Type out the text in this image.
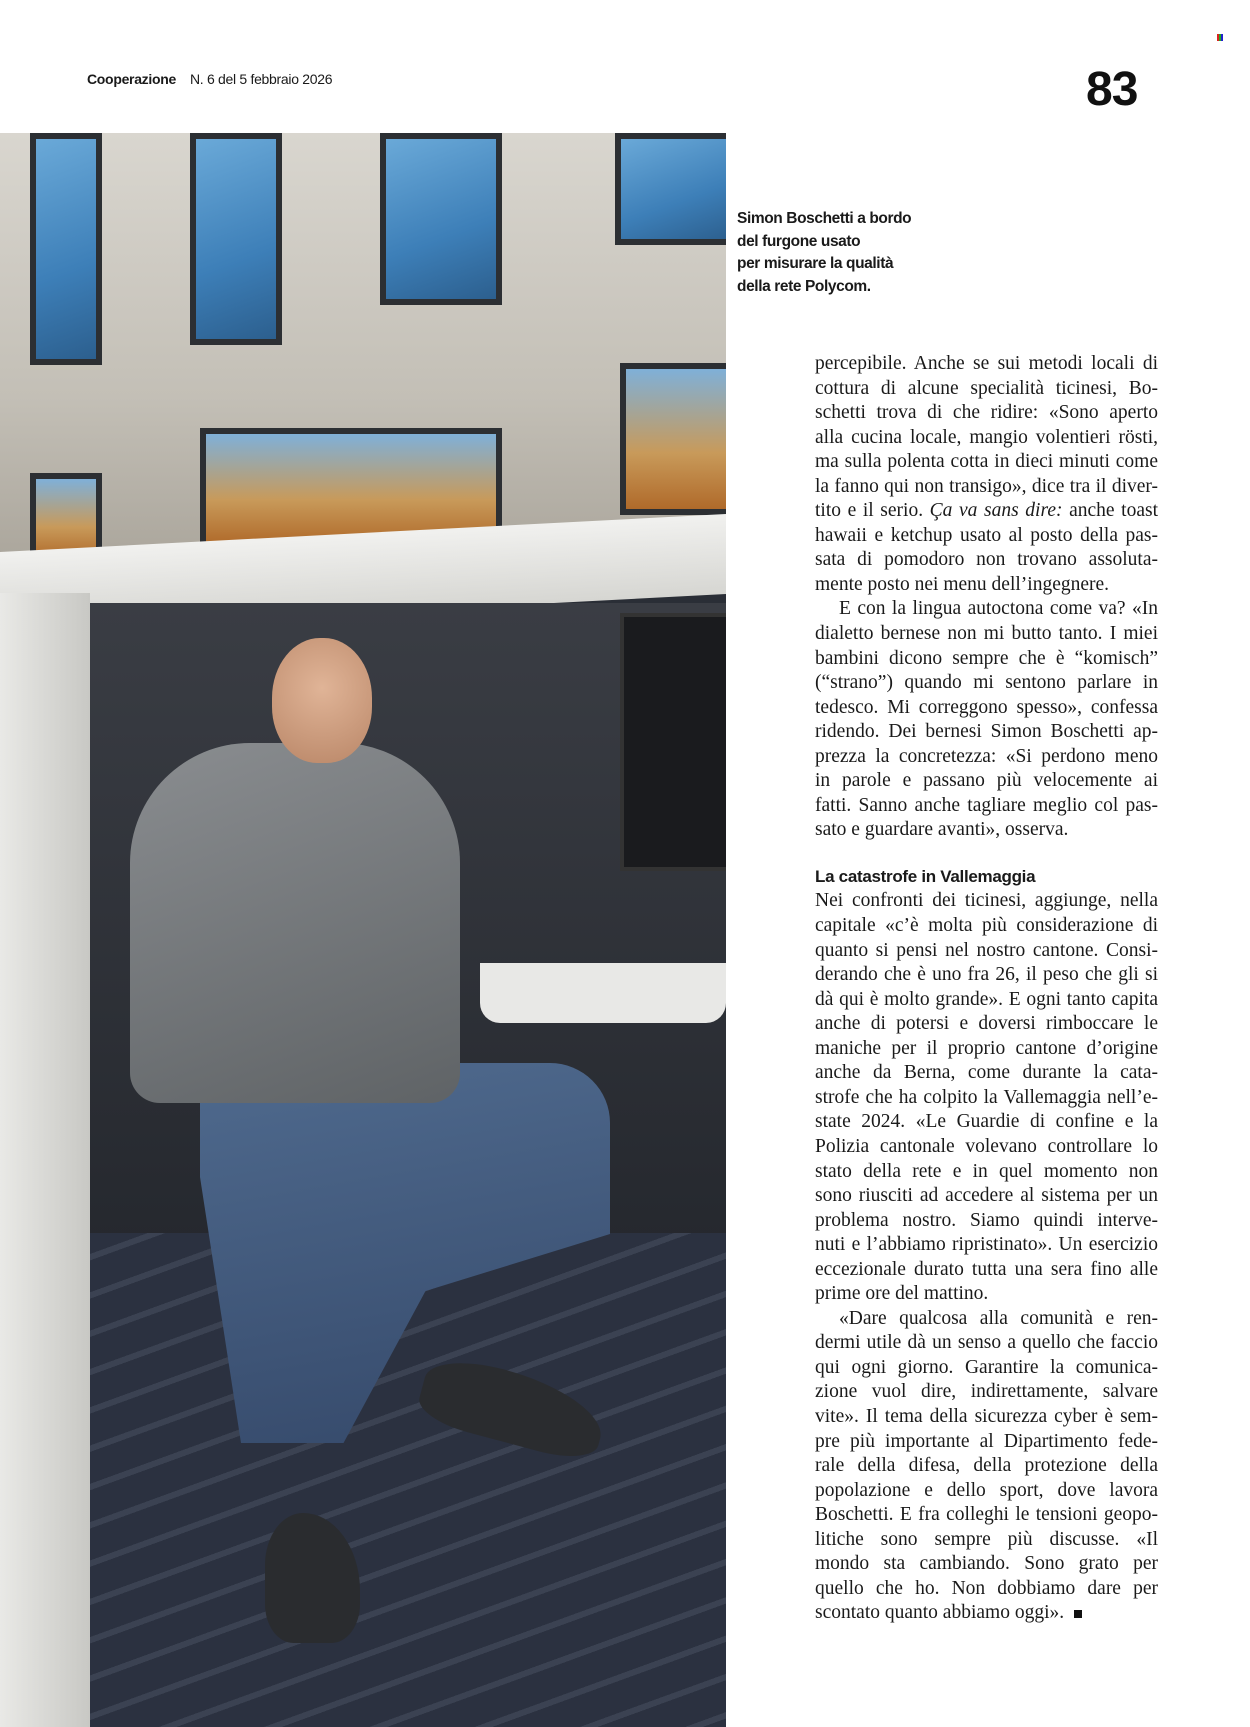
Cooperazione N. 6 del 5 febbraio 2026	83
Simon Boschetti a bordo
del furgone usato
per misurare la qualità
della rete Polycom.
percepibile. Anche se sui metodi locali di
cottura di alcune specialità ticinesi, Bo-
schetti trova di che ridire: «Sono aperto
alla cucina locale, mangio volentieri rösti,
ma sulla polenta cotta in dieci minuti come
la fanno qui non transigo», dice tra il diver-
tito e il serio. Ça va sans dire: anche toast
hawaii e ketchup usato al posto della pas-
sata di pomodoro non trovano assoluta-
mente posto nei menu dell’ingegnere.
E con la lingua autoctona come va? «In
dialetto bernese non mi butto tanto. I miei
bambini dicono sempre che è “komisch”
(“strano”) quando mi sentono parlare in
tedesco. Mi correggono spesso», confessa
ridendo. Dei bernesi Simon Boschetti ap-
prezza la concretezza: «Si perdono meno
in parole e passano più velocemente ai
fatti. Sanno anche tagliare meglio col pas-
sato e guardare avanti», osserva.
La catastrofe in Vallemaggia
Nei confronti dei ticinesi, aggiunge, nella
capitale «c’è molta più considerazione di
quanto si pensi nel nostro cantone. Consi-
derando che è uno fra 26, il peso che gli si
dà qui è molto grande». E ogni tanto capita
anche di potersi e doversi rimboccare le
maniche per il proprio cantone d’origine
anche da Berna, come durante la cata-
strofe che ha colpito la Vallemaggia nell’e-
state 2024. «Le Guardie di confine e la
Polizia cantonale volevano controllare lo
stato della rete e in quel momento non
sono riusciti ad accedere al sistema per un
problema nostro. Siamo quindi interve-
nuti e l’abbiamo ripristinato». Un esercizio
eccezionale durato tutta una sera fino alle
prime ore del mattino.
«Dare qualcosa alla comunità e ren-
dermi utile dà un senso a quello che faccio
qui ogni giorno. Garantire la comunica-
zione vuol dire, indirettamente, salvare
vite». Il tema della sicurezza cyber è sem-
pre più importante al Dipartimento fede-
rale della difesa, della protezione della
popolazione e dello sport, dove lavora
Boschetti. E fra colleghi le tensioni geopo-
litiche sono sempre più discusse. «Il
mondo sta cambiando. Sono grato per
quello che ho. Non dobbiamo dare per
scontato quanto abbiamo oggi».
